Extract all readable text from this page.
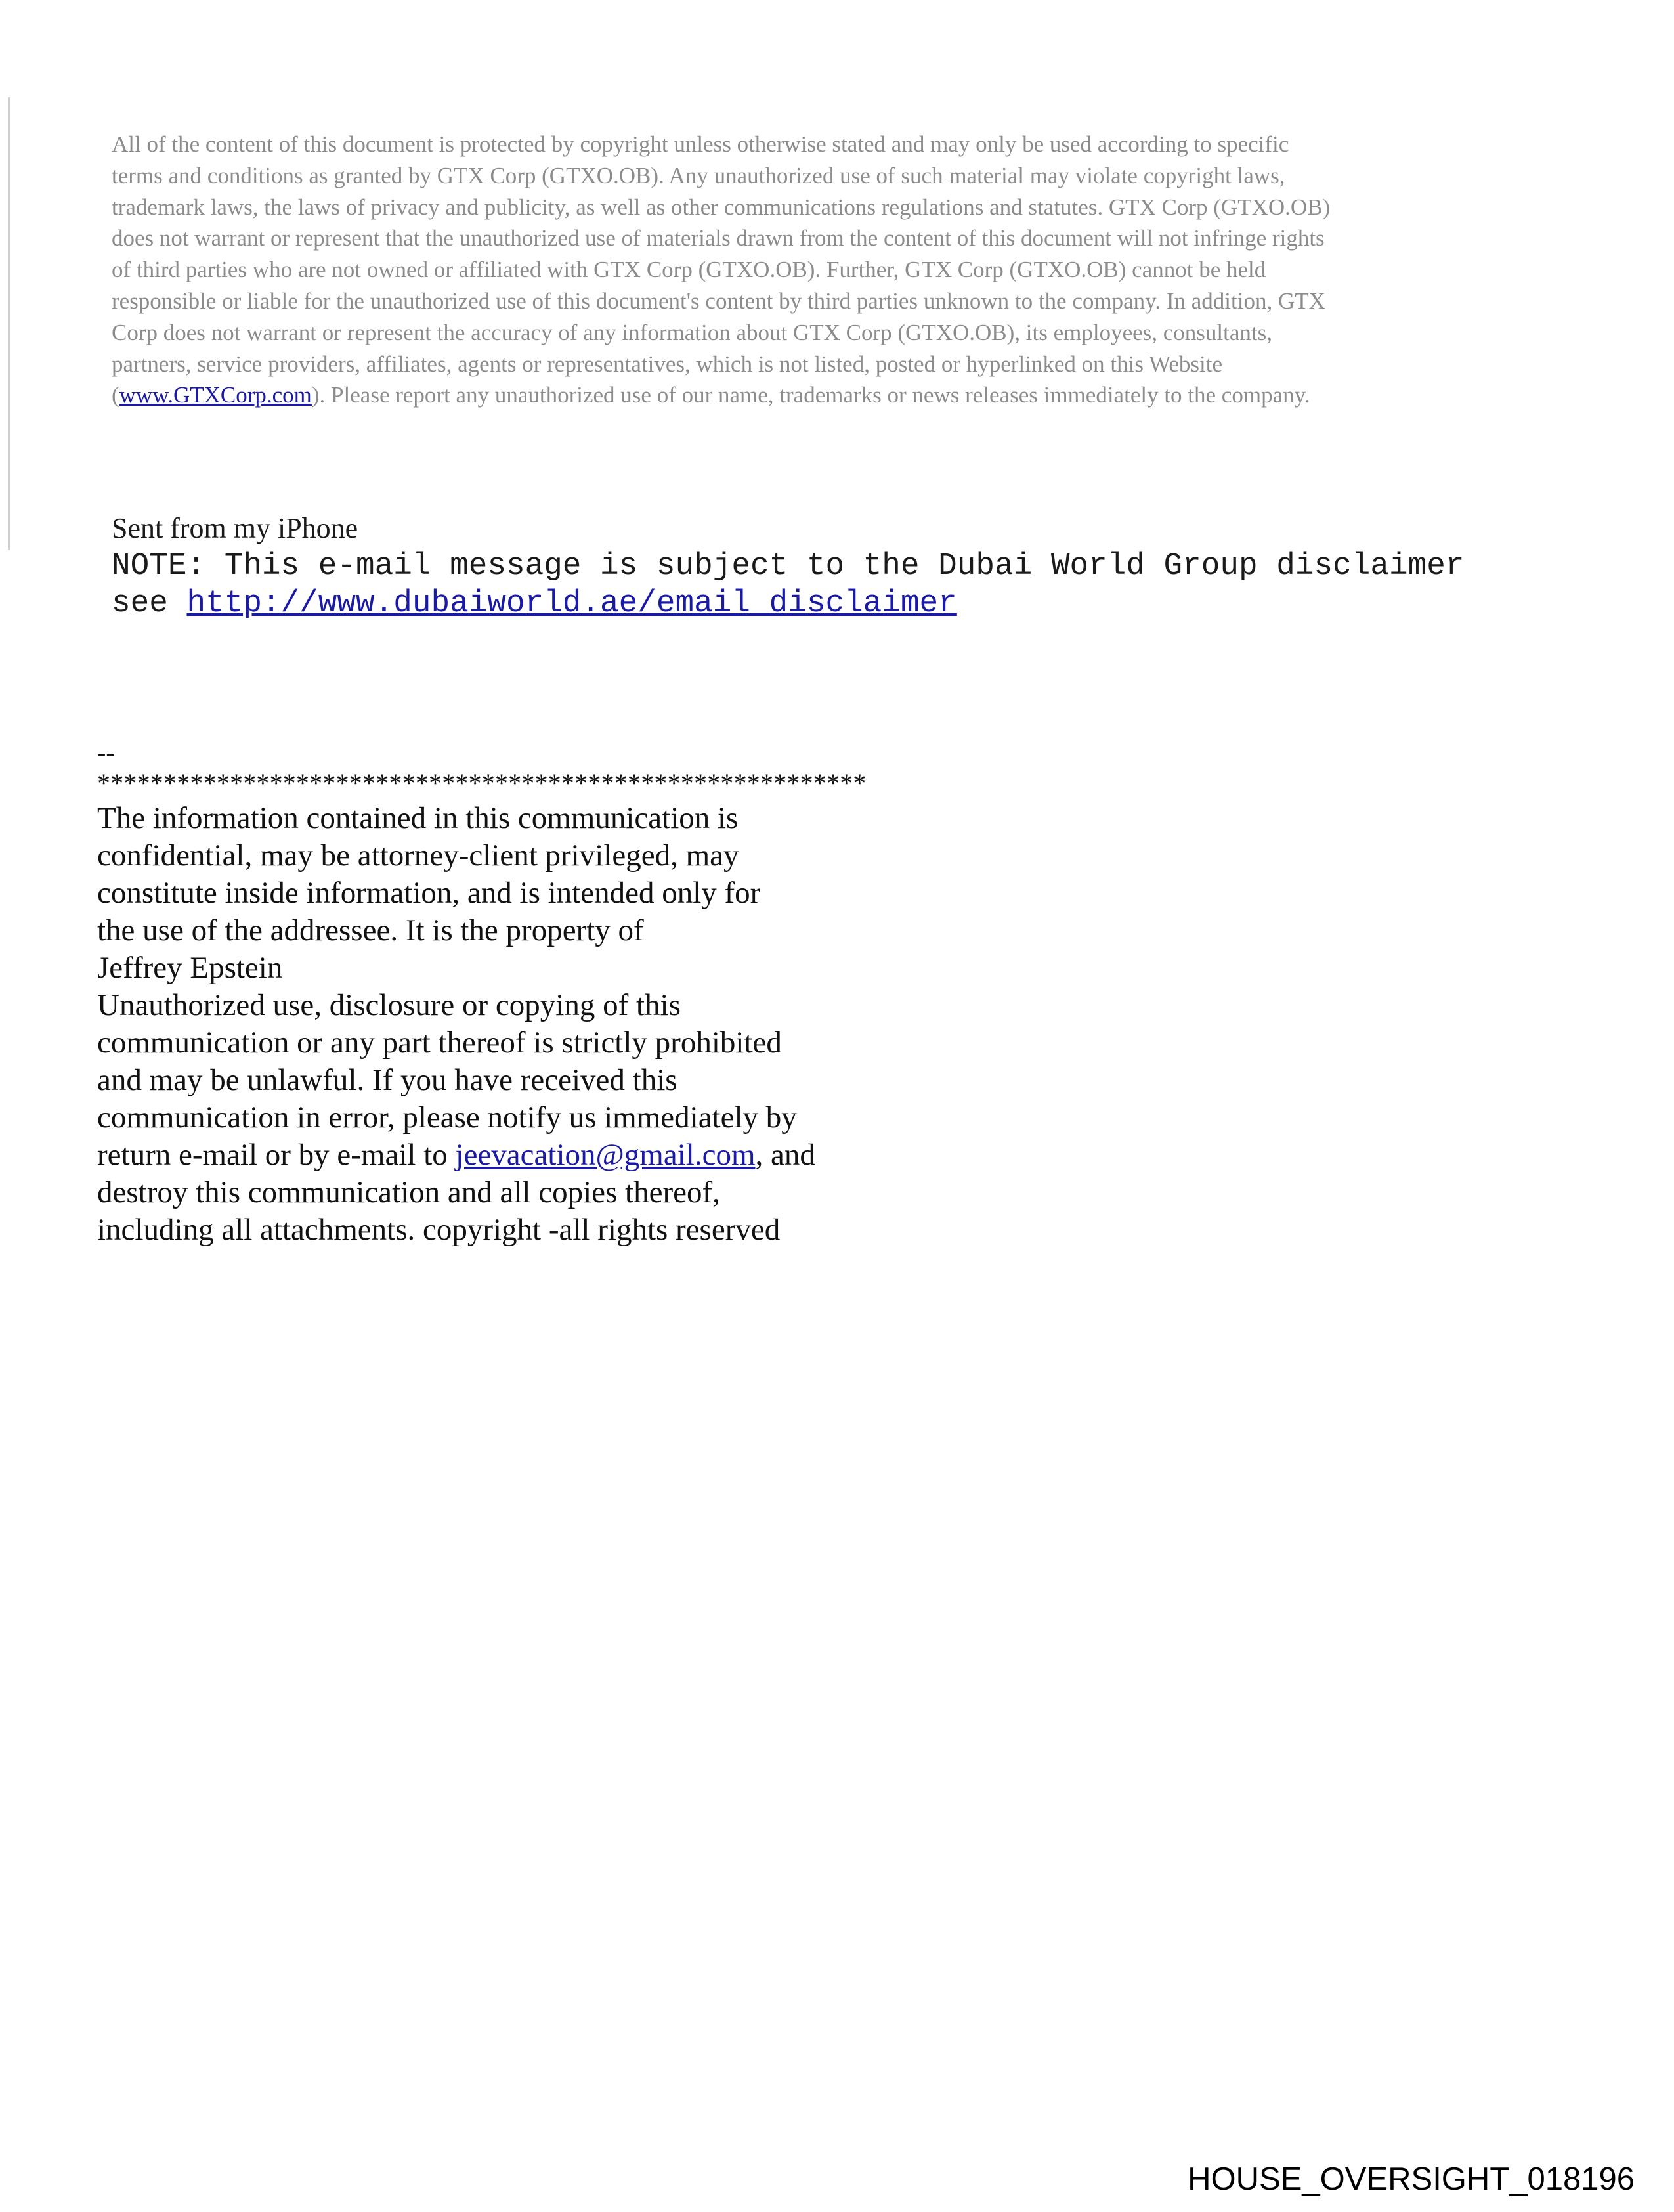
All of the content of this document is protected by copyright unless otherwise stated and may only be used according to specific
terms and conditions as granted by GTX Corp (GTXO.OB). Any unauthorized use of such material may violate copyright laws,
trademark laws, the laws of privacy and publicity, as well as other communications regulations and statutes. GTX Corp (GTXO.OB)
does not warrant or represent that the unauthorized use of materials drawn from the content of this document will not infringe rights
of third parties who are not owned or affiliated with GTX Corp (GTXO.OB). Further, GTX Corp (GTXO.OB) cannot be held
responsible or liable for the unauthorized use of this document's content by third parties unknown to the company. In addition, GTX
Corp does not warrant or represent the accuracy of any information about GTX Corp (GTXO.OB), its employees, consultants,
partners, service providers, affiliates, agents or representatives, which is not listed, posted or hyperlinked on this Website
(www.GTXCorp.com). Please report any unauthorized use of our name, trademarks or news releases immediately to the company.

Sent from my iPhone

NOTE: This e-mail message is subject to the Dubai World Group disclaimer
see http://www.dubaiworld.ae/email_disclaimer
--
**********************************************************
The information contained in this communication is
confidential, may be attorney-client privileged, may
constitute inside information, and is intended only for
the use of the addressee. It is the property of
Jeffrey Epstein
Unauthorized use, disclosure or copying of this
communication or any part thereof is strictly prohibited
and may be unlawful. If you have received this
communication in error, please notify us immediately by
return e-mail or by e-mail to jeevacation@gmail.com, and
destroy this communication and all copies thereof,
including all attachments. copyright -all rights reserved

HOUSE_OVERSIGHT_018196
